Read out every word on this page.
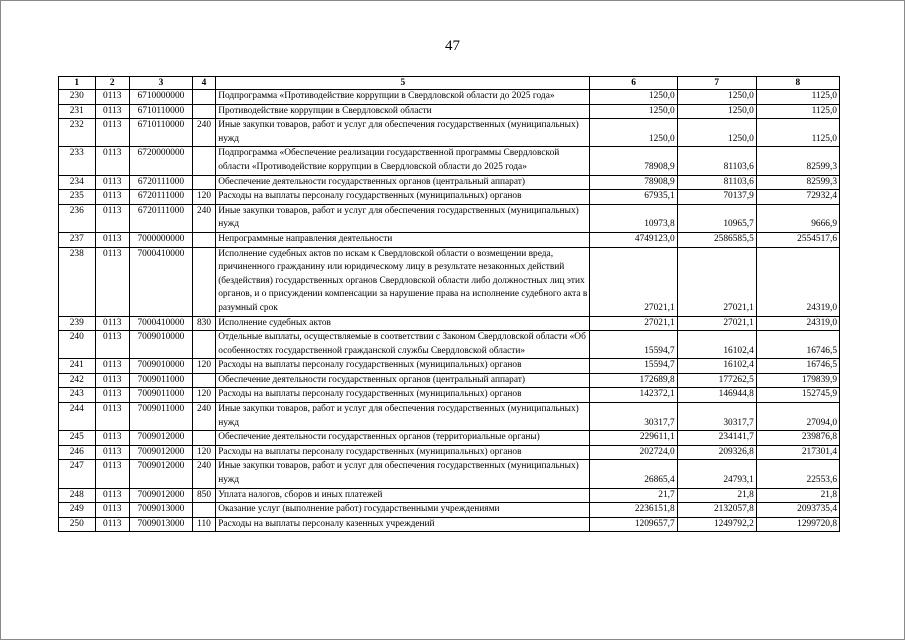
47
1	2	3	4	5	6	7	8
230	0113	6710000000		Подпрограмма «Противодействие коррупции в Свердловской области до 2025 года»	1250,0	1250,0	1125,0
231	0113	6710110000		Противодействие коррупции в Свердловской области	1250,0	1250,0	1125,0
232	0113	6710110000	240	Иные закупки товаров, работ и услуг для обеспечения государственных (муниципальных) нужд	1250,0	1250,0	1125,0
233	0113	6720000000		Подпрограмма «Обеспечение реализации государственной программы Свердловской области «Противодействие коррупции в Свердловской области до 2025 года»	78908,9	81103,6	82599,3
234	0113	6720111000		Обеспечение деятельности государственных органов (центральный аппарат)	78908,9	81103,6	82599,3
235	0113	6720111000	120	Расходы на выплаты персоналу государственных (муниципальных) органов	67935,1	70137,9	72932,4
236	0113	6720111000	240	Иные закупки товаров, работ и услуг для обеспечения государственных (муниципальных) нужд	10973,8	10965,7	9666,9
237	0113	7000000000		Непрограммные направления деятельности	4749123,0	2586585,5	2554517,6
238	0113	7000410000		Исполнение судебных актов по искам к Свердловской области о возмещении вреда, причиненного гражданину или юридическому лицу в результате незаконных действий (бездействия) государственных органов Свердловской области либо должностных лиц этих органов, и о присуждении компенсации за нарушение права на исполнение судебного акта в разумный срок	27021,1	27021,1	24319,0
239	0113	7000410000	830	Исполнение судебных актов	27021,1	27021,1	24319,0
240	0113	7009010000		Отдельные выплаты, осуществляемые в соответствии с Законом Свердловской области «Об особенностях государственной гражданской службы Свердловской области»	15594,7	16102,4	16746,5
241	0113	7009010000	120	Расходы на выплаты персоналу государственных (муниципальных) органов	15594,7	16102,4	16746,5
242	0113	7009011000		Обеспечение деятельности государственных органов (центральный аппарат)	172689,8	177262,5	179839,9
243	0113	7009011000	120	Расходы на выплаты персоналу государственных (муниципальных) органов	142372,1	146944,8	152745,9
244	0113	7009011000	240	Иные закупки товаров, работ и услуг для обеспечения государственных (муниципальных) нужд	30317,7	30317,7	27094,0
245	0113	7009012000		Обеспечение деятельности государственных органов (территориальные органы)	229611,1	234141,7	239876,8
246	0113	7009012000	120	Расходы на выплаты персоналу государственных (муниципальных) органов	202724,0	209326,8	217301,4
247	0113	7009012000	240	Иные закупки товаров, работ и услуг для обеспечения государственных (муниципальных) нужд	26865,4	24793,1	22553,6
248	0113	7009012000	850	Уплата налогов, сборов и иных платежей	21,7	21,8	21,8
249	0113	7009013000		Оказание услуг (выполнение работ) государственными учреждениями	2236151,8	2132057,8	2093735,4
250	0113	7009013000	110	Расходы на выплаты персоналу казенных учреждений	1209657,7	1249792,2	1299720,8
